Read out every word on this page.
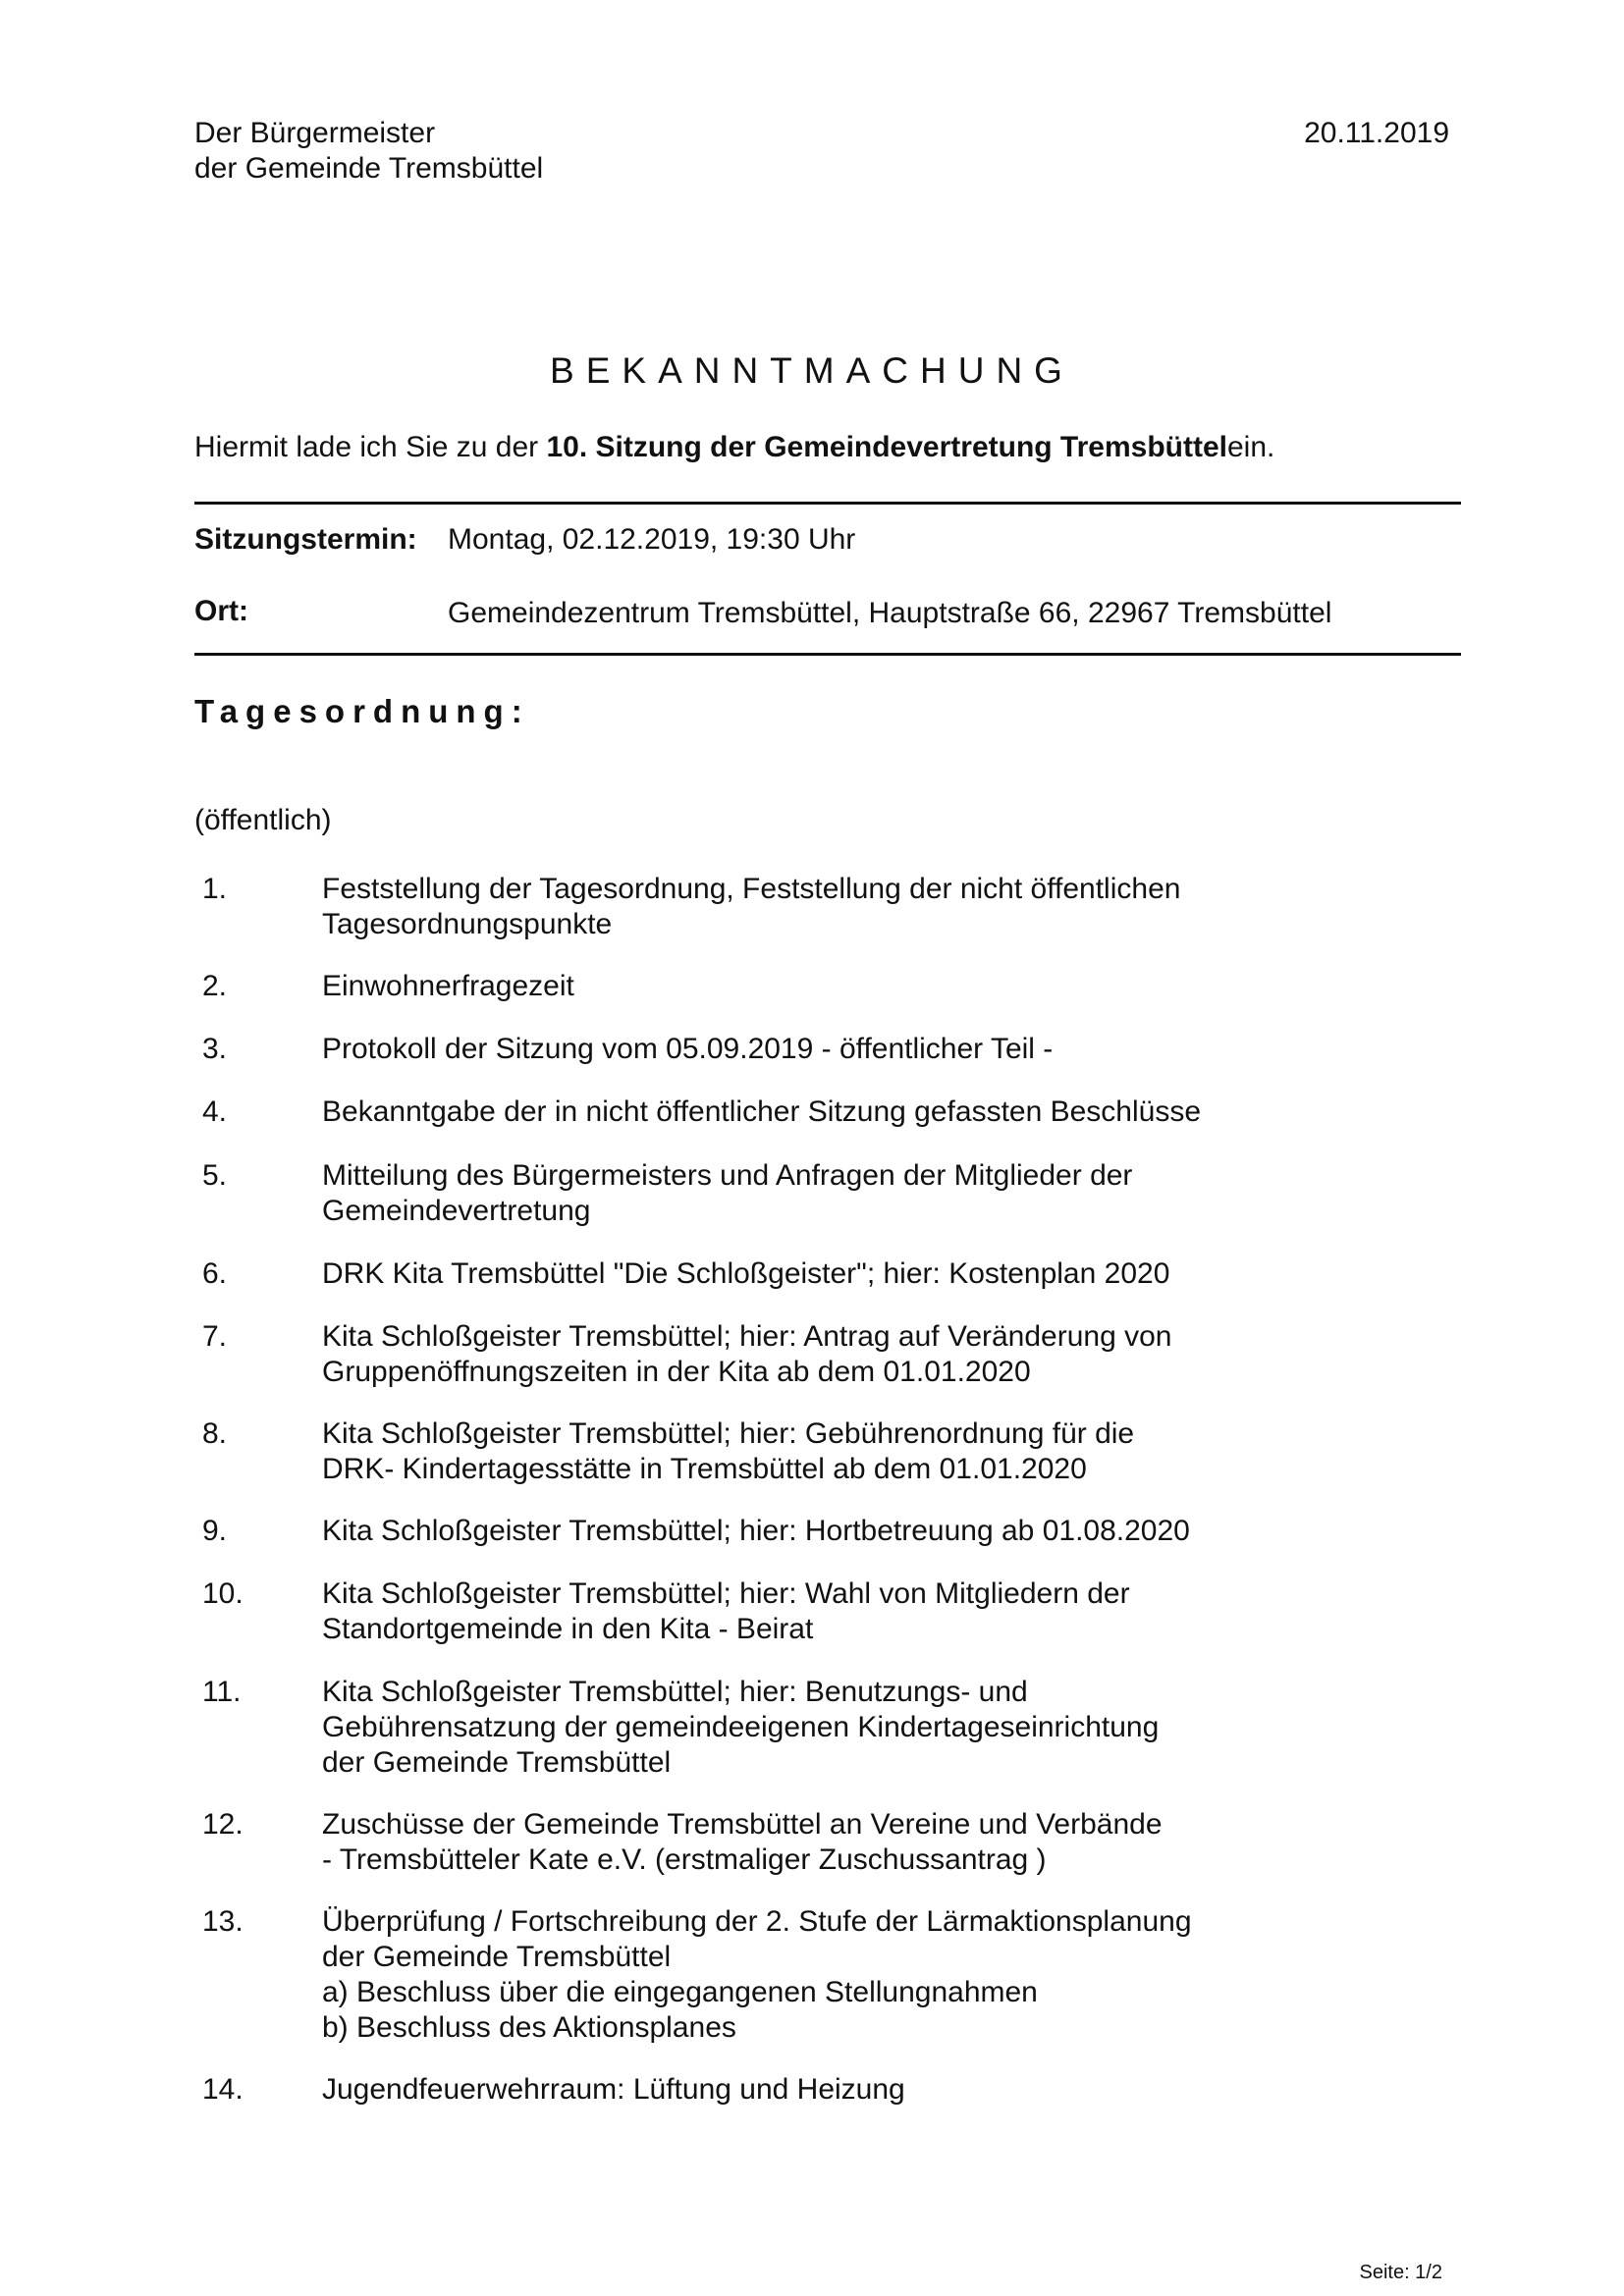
Der Bürgermeister
der Gemeinde Tremsbüttel
20.11.2019
BEKANNTMACHUNG
Hiermit lade ich Sie zu der 10. Sitzung der Gemeindevertretung Tremsbüttelein.
Sitzungstermin: Montag, 02.12.2019, 19:30 Uhr
Ort:	Gemeindezentrum Tremsbüttel, Hauptstraße 66, 22967 Tremsbüttel
Tagesordnung:
(öffentlich)
1.	Feststellung der Tagesordnung, Feststellung der nicht öffentlichen
Tagesordnungspunkte
2.	Einwohnerfragezeit
3.	Protokoll der Sitzung vom 05.09.2019 - öffentlicher Teil -
4.	Bekanntgabe der in nicht öffentlicher Sitzung gefassten Beschlüsse
5.	Mitteilung des Bürgermeisters und Anfragen der Mitglieder der
Gemeindevertretung
6.	DRK Kita Tremsbüttel "Die Schloßgeister"; hier: Kostenplan 2020
7.	Kita Schloßgeister Tremsbüttel; hier: Antrag auf Veränderung von
Gruppenöffnungszeiten in der Kita ab dem 01.01.2020
8.	Kita Schloßgeister Tremsbüttel; hier: Gebührenordnung für die
DRK- Kindertagesstätte in Tremsbüttel ab dem 01.01.2020
9.	Kita Schloßgeister Tremsbüttel; hier: Hortbetreuung ab 01.08.2020
10.	Kita Schloßgeister Tremsbüttel; hier: Wahl von Mitgliedern der
Standortgemeinde in den Kita - Beirat
11.	Kita Schloßgeister Tremsbüttel; hier: Benutzungs- und
Gebührensatzung der gemeindeeigenen Kindertageseinrichtung
der Gemeinde Tremsbüttel
12.	Zuschüsse der Gemeinde Tremsbüttel an Vereine und Verbände
- Tremsbütteler Kate e.V. (erstmaliger Zuschussantrag )
13.	Überprüfung / Fortschreibung der 2. Stufe der Lärmaktionsplanung
der Gemeinde Tremsbüttel
a) Beschluss über die eingegangenen Stellungnahmen
b) Beschluss des Aktionsplanes
14.	Jugendfeuerwehrraum: Lüftung und Heizung
Seite: 1/2
